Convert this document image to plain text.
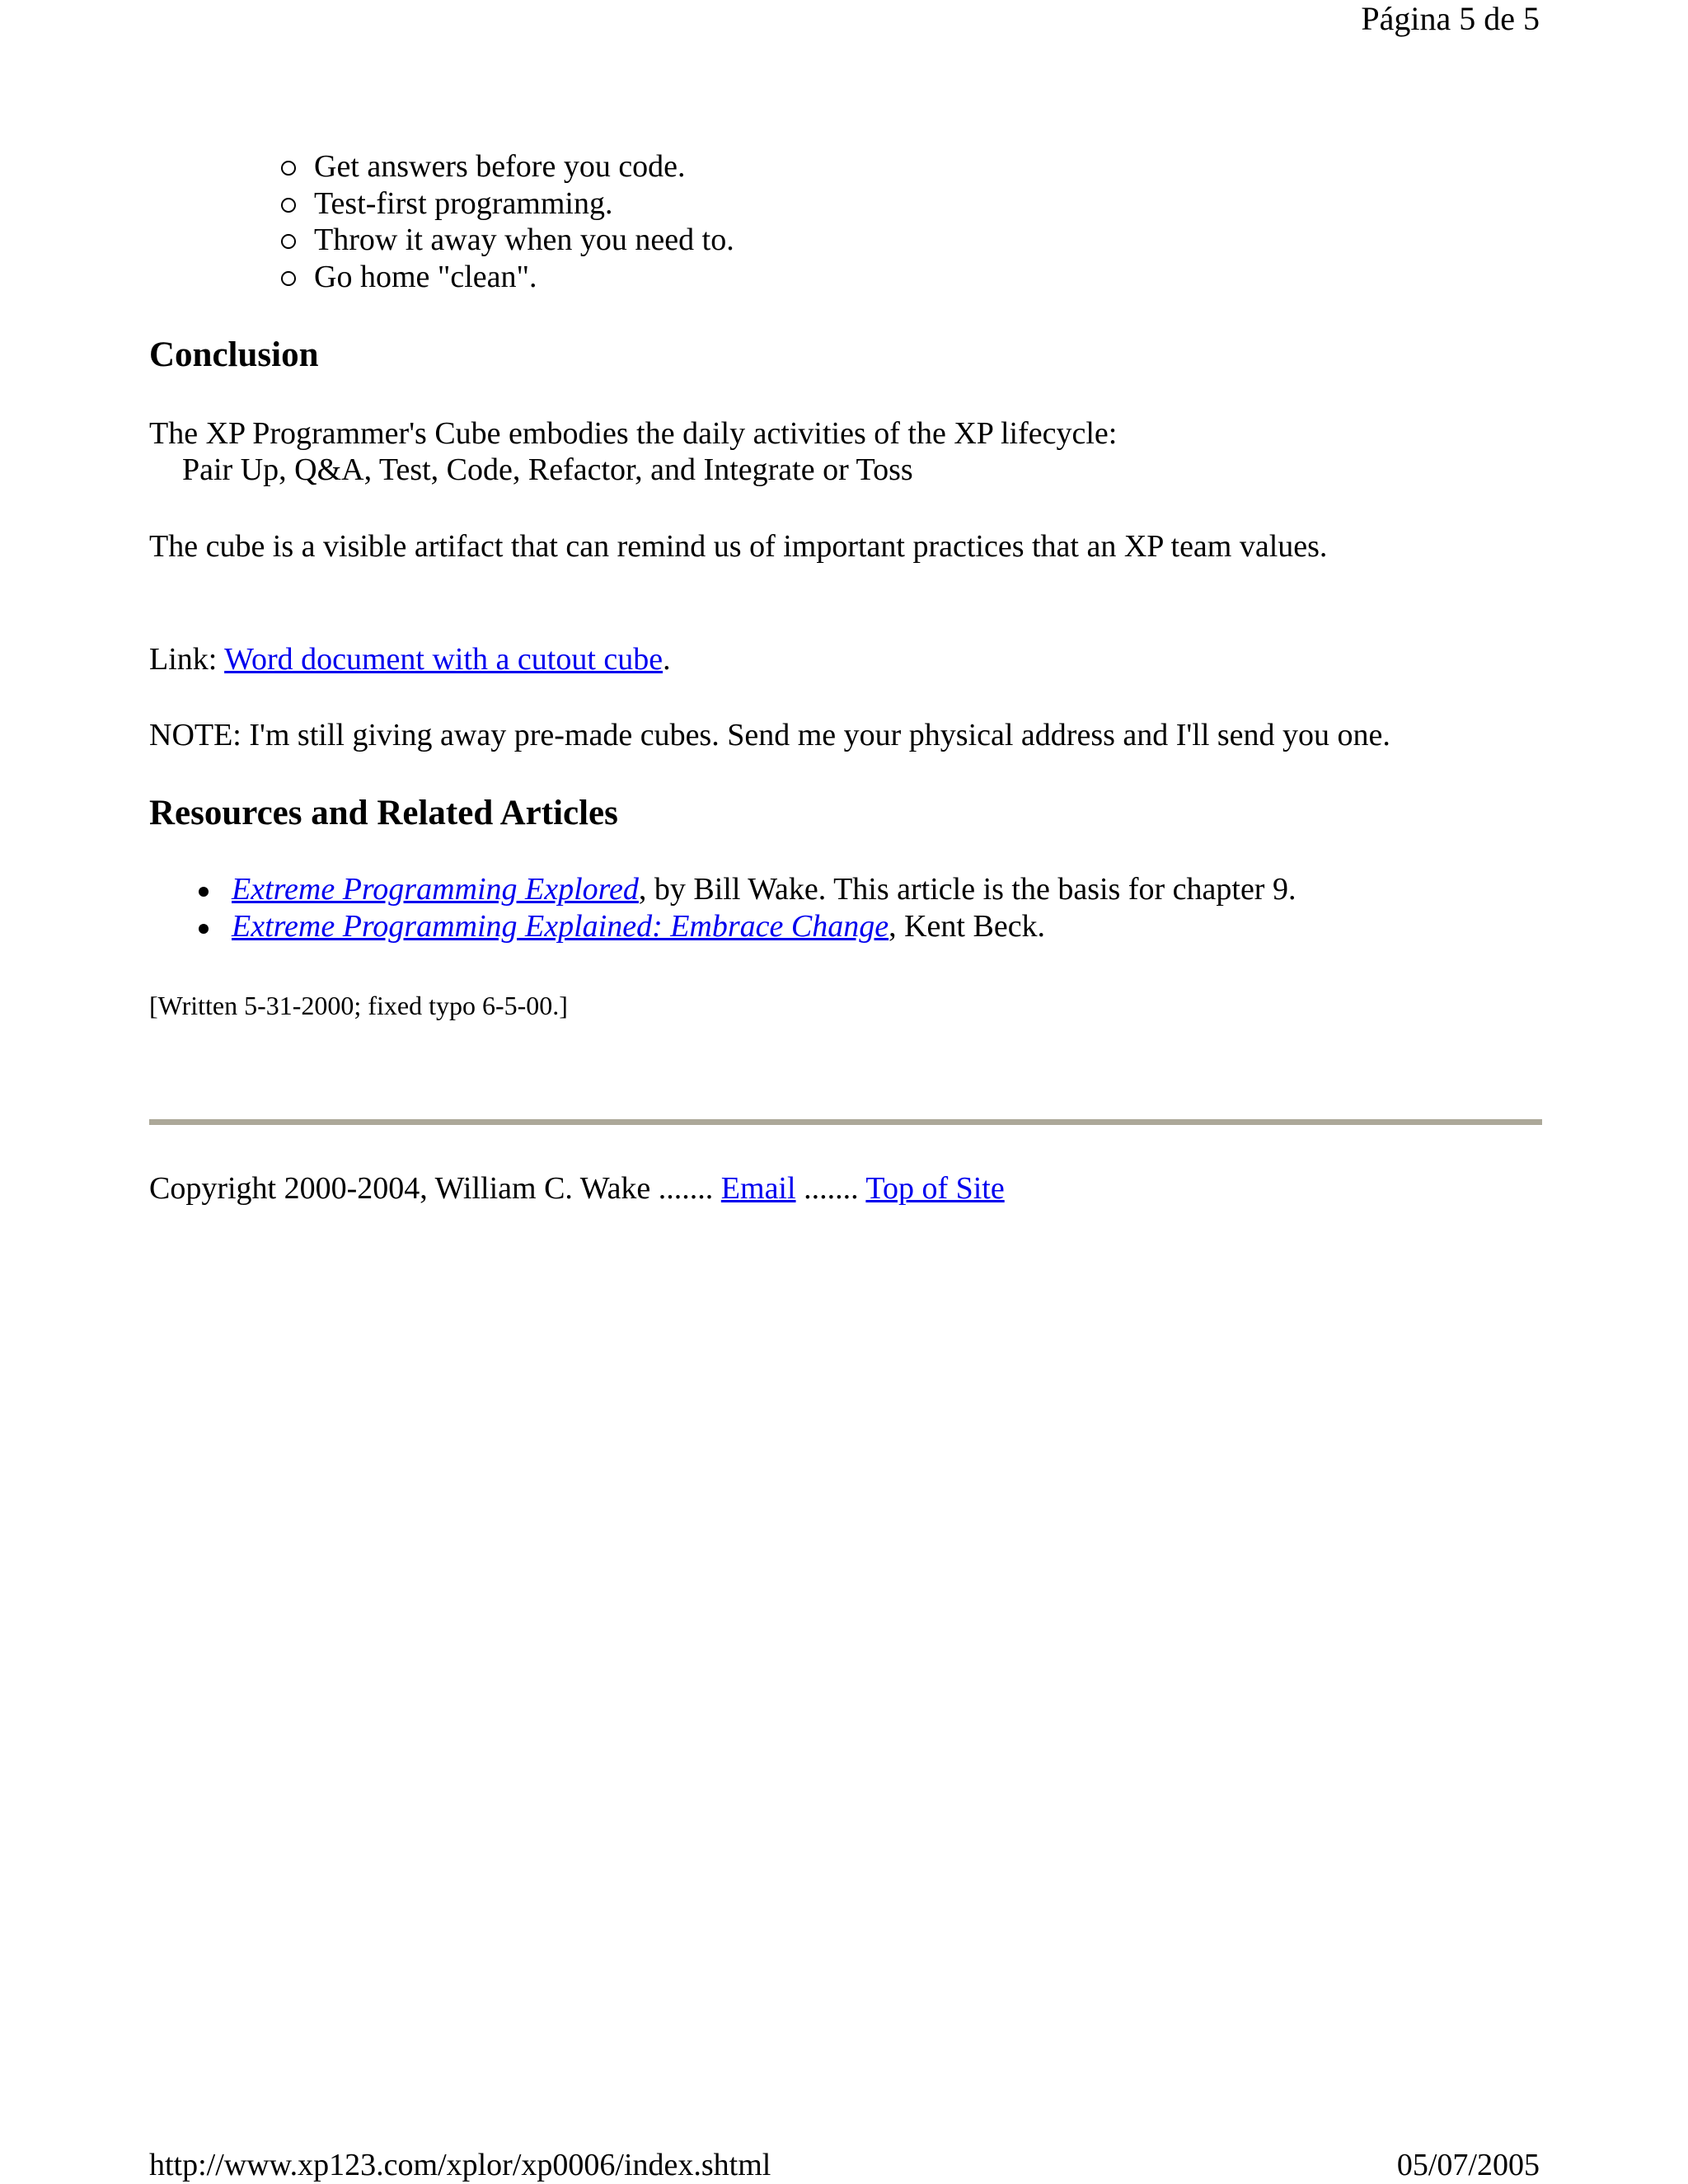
Página 5 de 5
Get answers before you code.
Test-first programming.
Throw it away when you need to.
Go home "clean".
Conclusion

The XP Programmer's Cube embodies the daily activities of the XP lifecycle:

Pair Up, Q&A, Test, Code, Refactor, and Integrate or Toss

The cube is a visible artifact that can remind us of important practices that an XP team values.

Link: Word document with a cutout cube.

NOTE: I'm still giving away pre-made cubes. Send me your physical address and I'll send you one.

Resources and Related Articles
Extreme Programming Explored, by Bill Wake. This article is the basis for chapter 9.
Extreme Programming Explained: Embrace Change, Kent Beck.

[Written 5-31-2000; fixed typo 6-5-00.]

Copyright 2000-2004, William C. Wake ....... Email ....... Top of Site

http://www.xp123.com/xplor/xp0006/index.shtml	05/07/2005
